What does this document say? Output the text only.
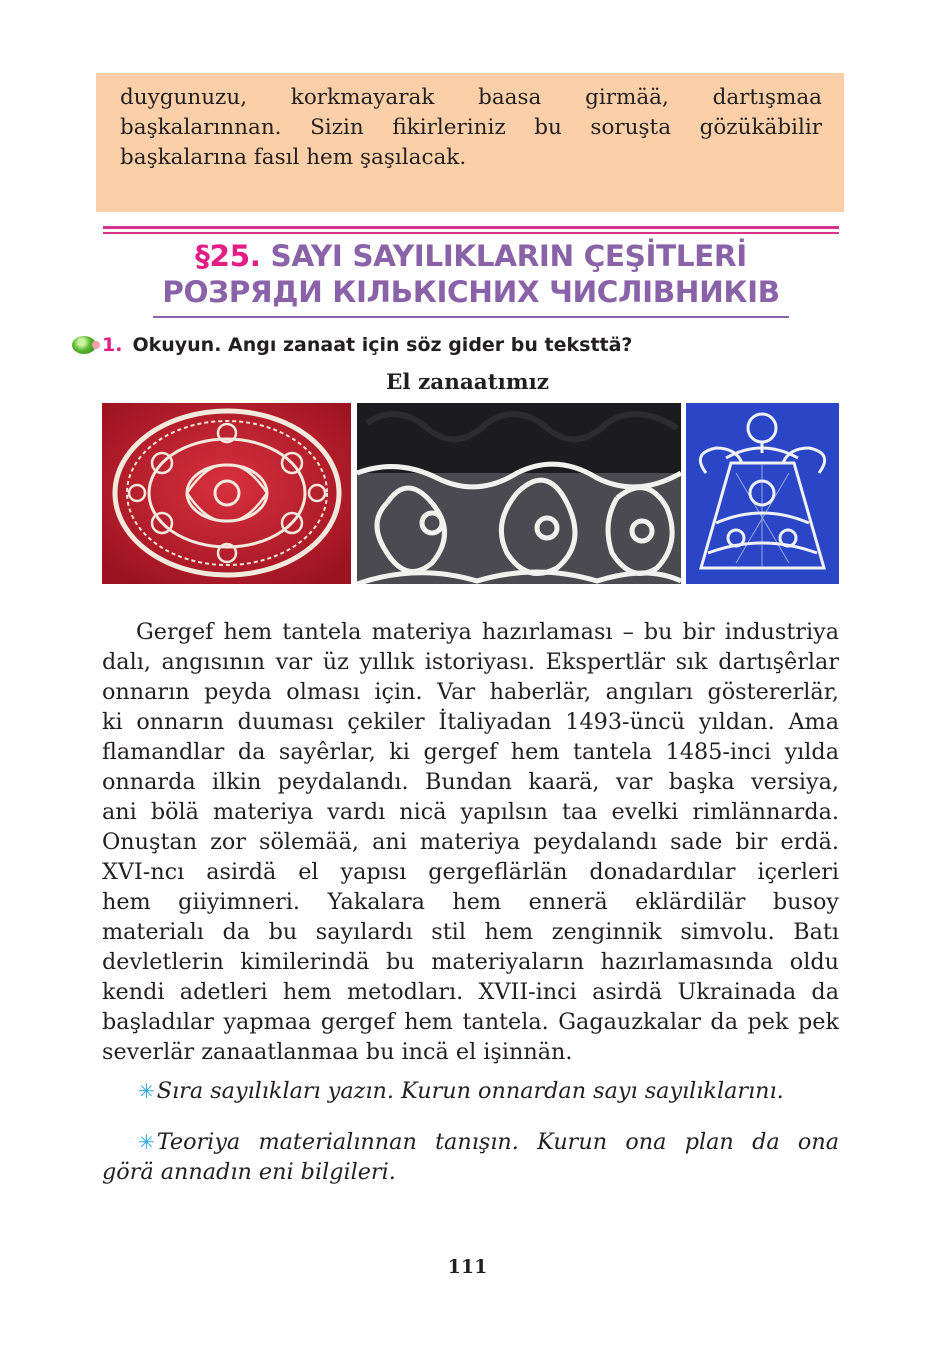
duygunuzu, korkmayarak baasa girmää, dartışmaa
başkalarınnan. Sizin fikirleriniz bu soruşta gözükäbilir
başkalarına fasıl hem şaşılacak.

§25. SAYI SAYILIKLARIN ÇEŞİTLERİ
РОЗРЯДИ КІЛЬКІСНИХ ЧИСЛІВНИКІВ
1. Okuyun. Angı zanaat için söz gider bu teksttä?
El zanaatımız

Gergef hem tantela materiya hazırlaması – bu bir industriya
dalı, angısının var üz yıllık istoriyası. Ekspertlär sık dartışêrlar
onnarın peyda olması için. Var haberlär, angıları göstererlär,
ki onnarın duuması çekiler İtaliyadan 1493-üncü yıldan. Ama
flamandlar da sayêrlar, ki gergef hem tantela 1485-inci yılda
onnarda ilkin peydalandı. Bundan kaarä, var başka versiya,
ani bölä materiya vardı nicä yapılsın taa evelki rimlännarda.
Onuştan zor sölemää, ani materiya peydalandı sade bir erdä.
XVI-ncı asirdä el yapısı gergeflärlän donadardılar içerleri
hem giiyimneri. Yakalara hem ennerä eklärdilär busoy
materialı da bu sayılardı stil hem zenginnik simvolu. Batı
devletlerin kimilerindä bu materiyaların hazırlamasında oldu
kendi adetleri hem metodları. XVII-inci asirdä Ukrainada da
başladılar yapmaa gergef hem tantela. Gagauzkalar da pek pek
severlär zanaatlanmaa bu incä el işinnän.

✳Sıra sayılıkları yazın. Kurun onnardan sayı sayılıklarını.
✳Teoriya materialınnan tanışın. Kurun ona plan da ona
görä annadın eni bilgileri.
111
